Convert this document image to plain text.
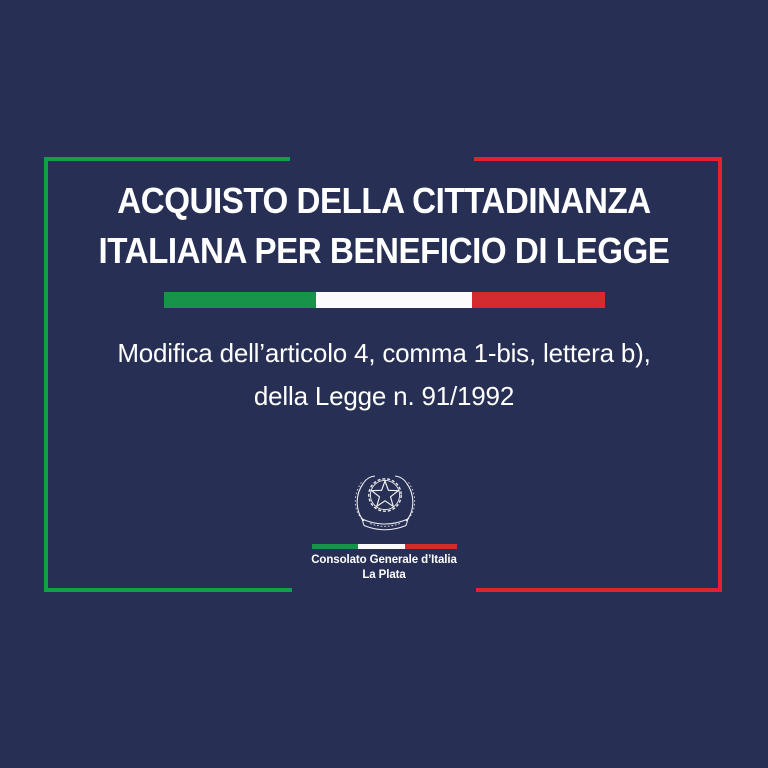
ACQUISTO DELLA CITTADINANZA
ITALIANA PER BENEFICIO DI LEGGE
Modifica dell’articolo 4, comma 1-bis, lettera b),
della Legge n. 91/1992
Consolato Generale d’Italia
La Plata
